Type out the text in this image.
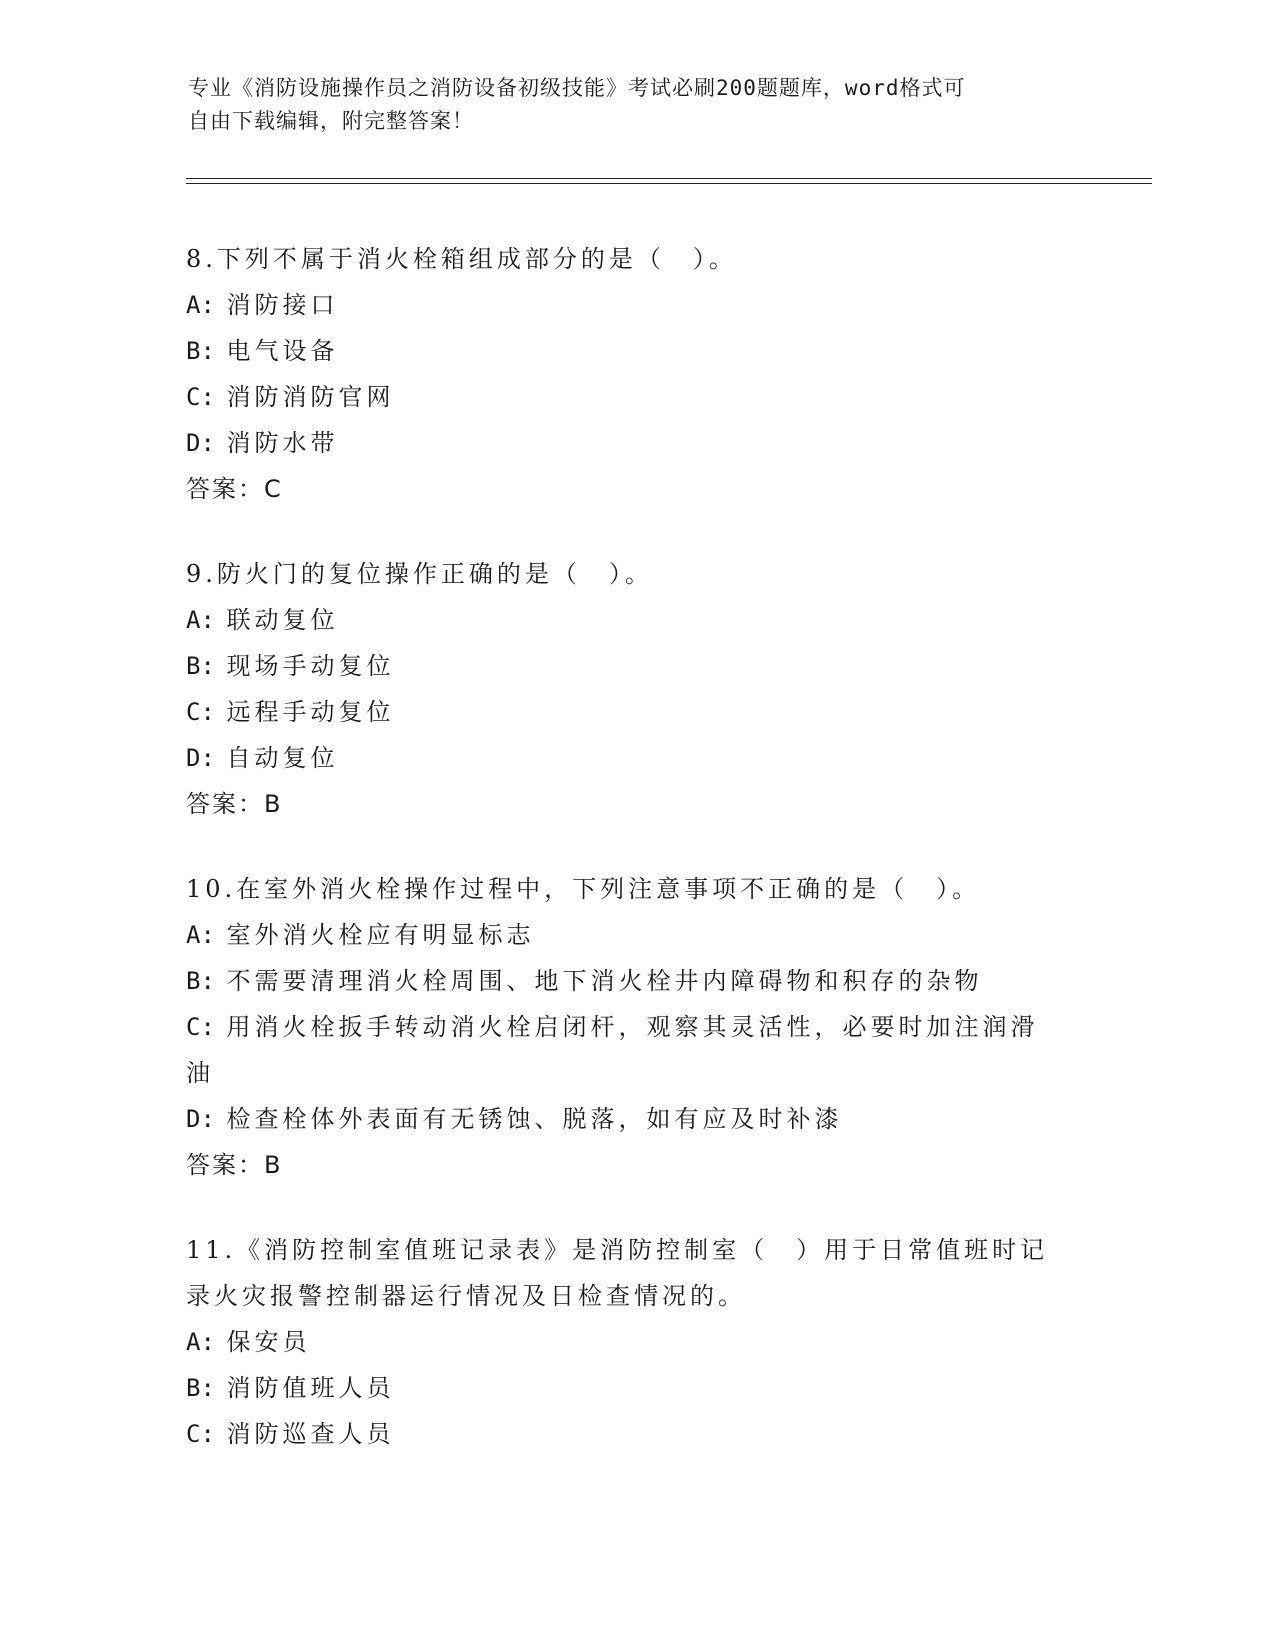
专业《消防设施操作员之消防设备初级技能》考试必刷200题题库，word格式可

自由下载编辑，附完整答案！

8.下列不属于消火栓箱组成部分的是（　）。

A: 消防接口

B: 电气设备

C: 消防消防官网

D: 消防水带

答案：C

9.防火门的复位操作正确的是（　）。

A: 联动复位

B: 现场手动复位

C: 远程手动复位

D: 自动复位

答案：B

10.在室外消火栓操作过程中，下列注意事项不正确的是（　）。

A: 室外消火栓应有明显标志

B: 不需要清理消火栓周围、地下消火栓井内障碍物和积存的杂物

C: 用消火栓扳手转动消火栓启闭杆，观察其灵活性，必要时加注润滑油

D: 检查栓体外表面有无锈蚀、脱落，如有应及时补漆

答案：B

11.《消防控制室值班记录表》是消防控制室（　）用于日常值班时记录火灾报警控制器运行情况及日检查情况的。

A: 保安员

B: 消防值班人员

C: 消防巡查人员
